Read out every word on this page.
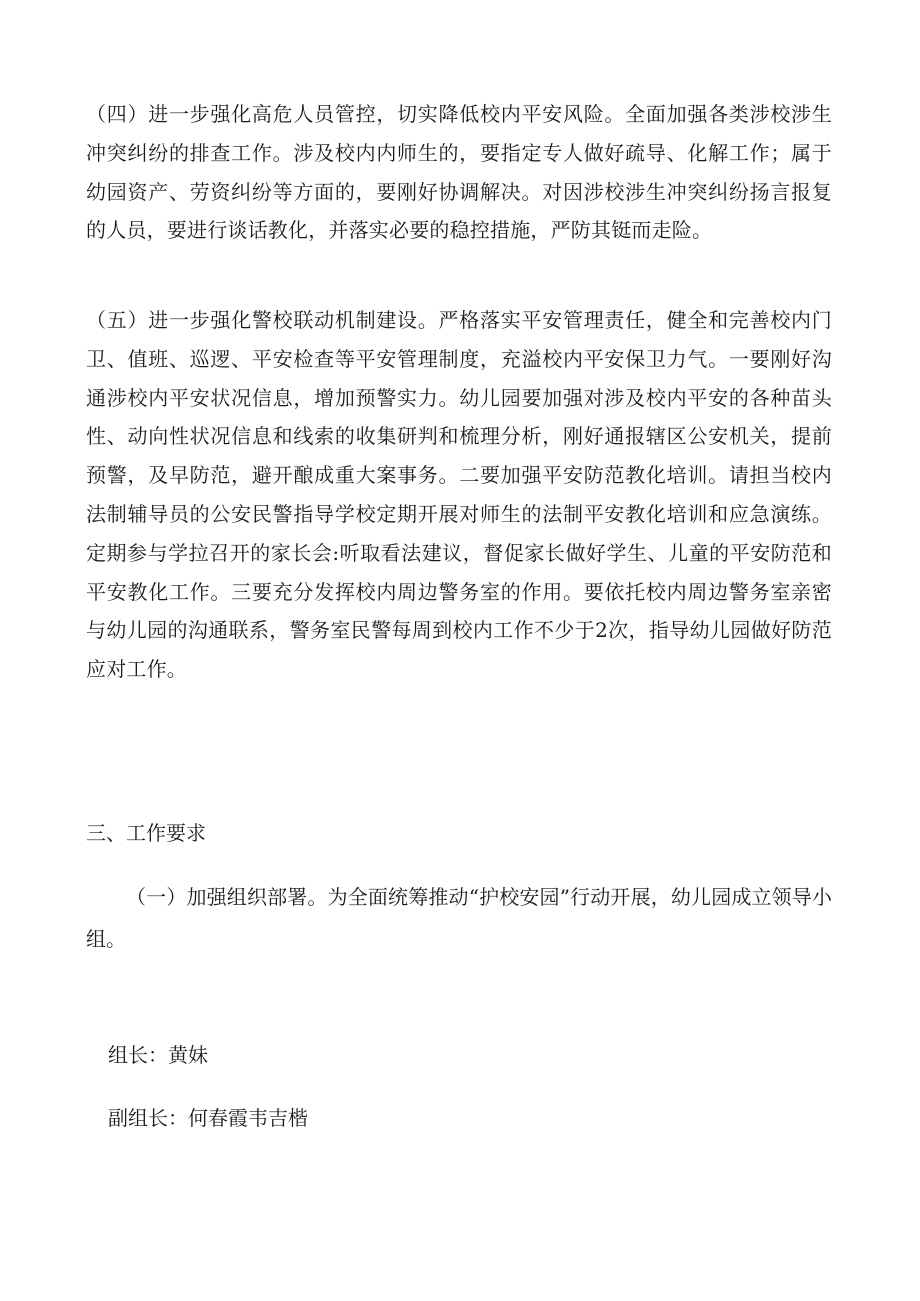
（四）进一步强化高危人员管控，切实降低校内平安风险。全面加强各类涉校涉生冲突纠纷的排查工作。涉及校内内师生的，要指定专人做好疏导、化解工作；属于幼园资产、劳资纠纷等方面的，要刚好协调解决。对因涉校涉生冲突纠纷扬言报复的人员，要进行谈话教化，并落实必要的稳控措施，严防其铤而走险。

（五）进一步强化警校联动机制建设。严格落实平安管理责任，健全和完善校内门卫、值班、巡逻、平安检查等平安管理制度，充溢校内平安保卫力气。一要刚好沟通涉校内平安状况信息，增加预警实力。幼儿园要加强对涉及校内平安的各种苗头性、动向性状况信息和线索的收集研判和梳理分析，刚好通报辖区公安机关，提前预警，及早防范，避开酿成重大案事务。二要加强平安防范教化培训。请担当校内法制辅导员的公安民警指导学校定期开展对师生的法制平安教化培训和应急演练。定期参与学拉召开的家长会:听取看法建议，督促家长做好学生、儿童的平安防范和平安教化工作。三要充分发挥校内周边警务室的作用。要依托校内周边警务室亲密与幼儿园的沟通联系，警务室民警每周到校内工作不少于2次，指导幼儿园做好防范应对工作。

三、工作要求

（一）加强组织部署。为全面统筹推动“护校安园”行动开展，幼儿园成立领导小组。

组长：黄妹

副组长：何春霞韦吉楷
